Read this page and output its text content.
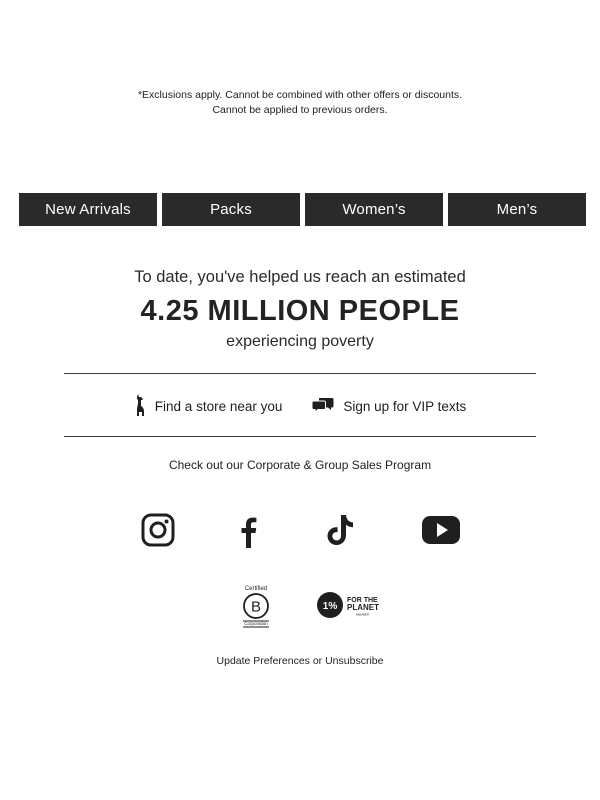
*Exclusions apply. Cannot be combined with other offers or discounts.
Cannot be applied to previous orders.
New Arrivals	Packs	Women’s	Men’s
To date, you've helped us reach an estimated
4.25 MILLION PEOPLE
experiencing poverty
Find a store near you	Sign up for VIP texts
Check out our Corporate & Group Sales Program
Certified
B
Corporation
1%
FOR THE
PLANET
MEMBER
Update Preferences or Unsubscribe
